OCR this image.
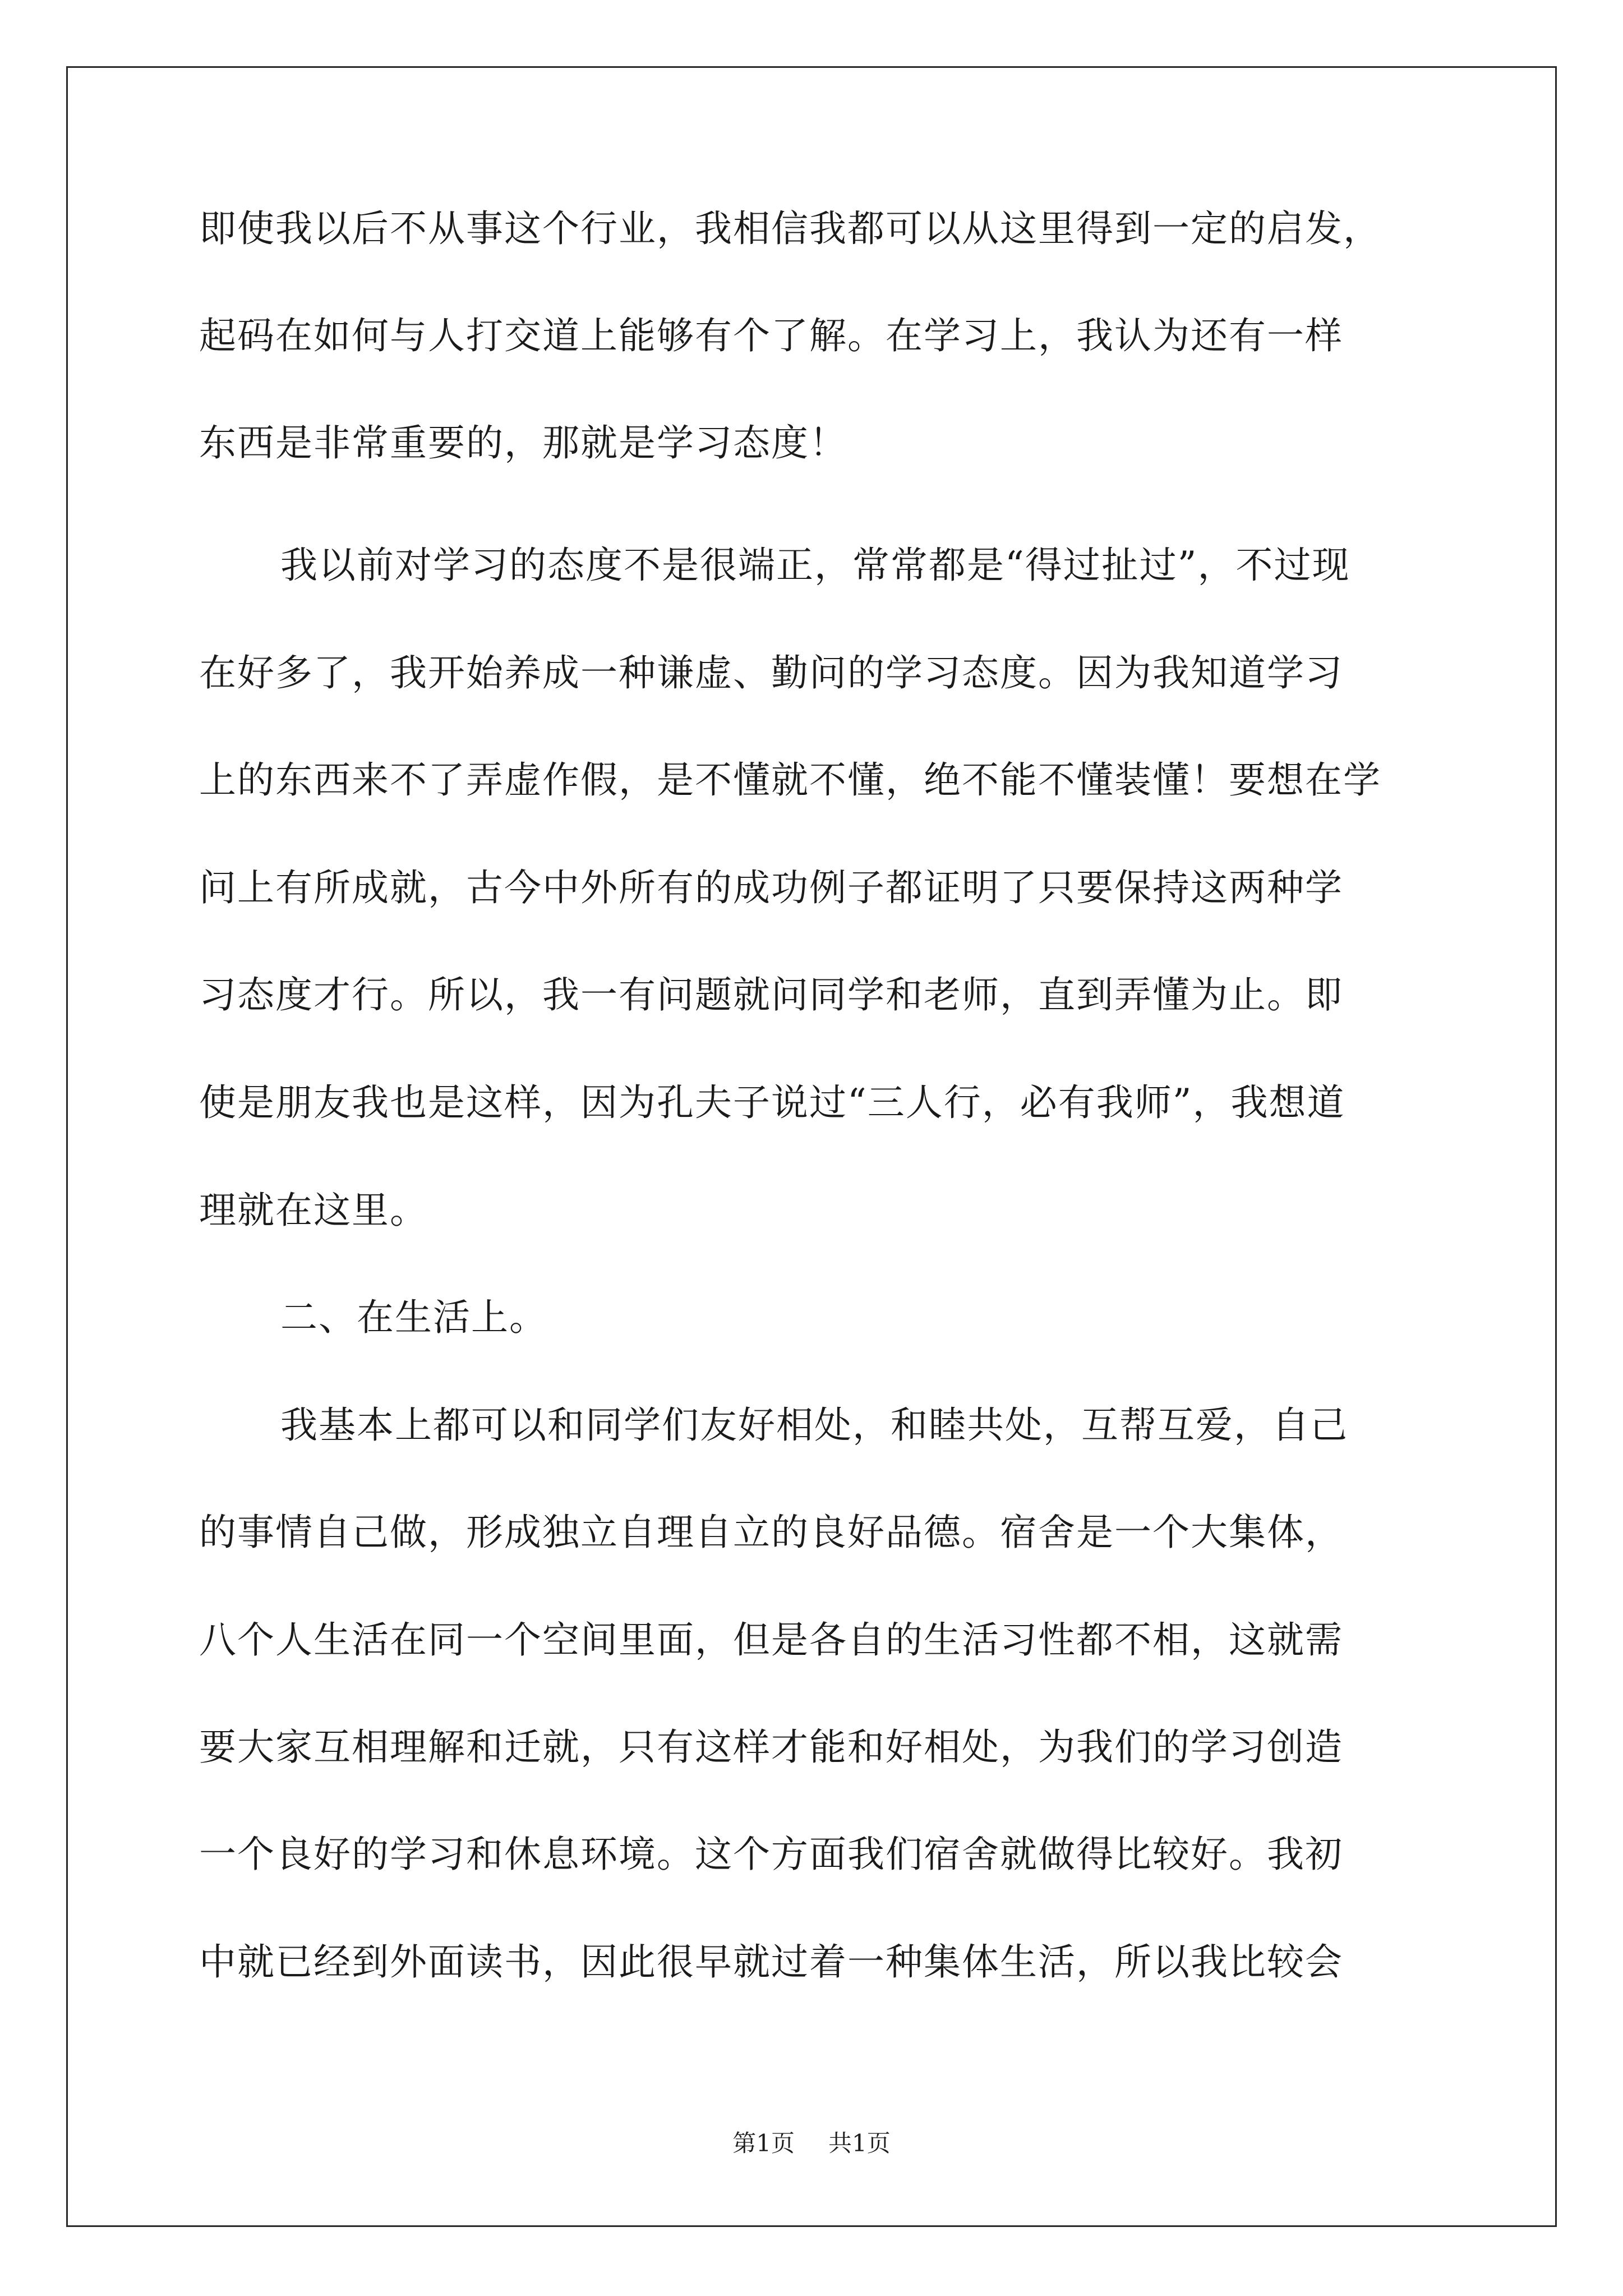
即使我以后不从事这个行业，我相信我都可以从这里得到一定的启发，
起码在如何与人打交道上能够有个了解。在学习上，我认为还有一样
东西是非常重要的，那就是学习态度！
我以前对学习的态度不是很端正，常常都是“得过扯过”，不过现
在好多了，我开始养成一种谦虚、勤问的学习态度。因为我知道学习
上的东西来不了弄虚作假，是不懂就不懂，绝不能不懂装懂！要想在学
问上有所成就，古今中外所有的成功例子都证明了只要保持这两种学
习态度才行。所以，我一有问题就问同学和老师，直到弄懂为止。即
使是朋友我也是这样，因为孔夫子说过“三人行，必有我师”，我想道
理就在这里。
二、在生活上。
我基本上都可以和同学们友好相处，和睦共处，互帮互爱，自己
的事情自己做，形成独立自理自立的良好品德。宿舍是一个大集体，
八个人生活在同一个空间里面，但是各自的生活习性都不相，这就需
要大家互相理解和迁就，只有这样才能和好相处，为我们的学习创造
一个良好的学习和休息环境。这个方面我们宿舍就做得比较好。我初
中就已经到外面读书，因此很早就过着一种集体生活，所以我比较会
第1页 共1页
